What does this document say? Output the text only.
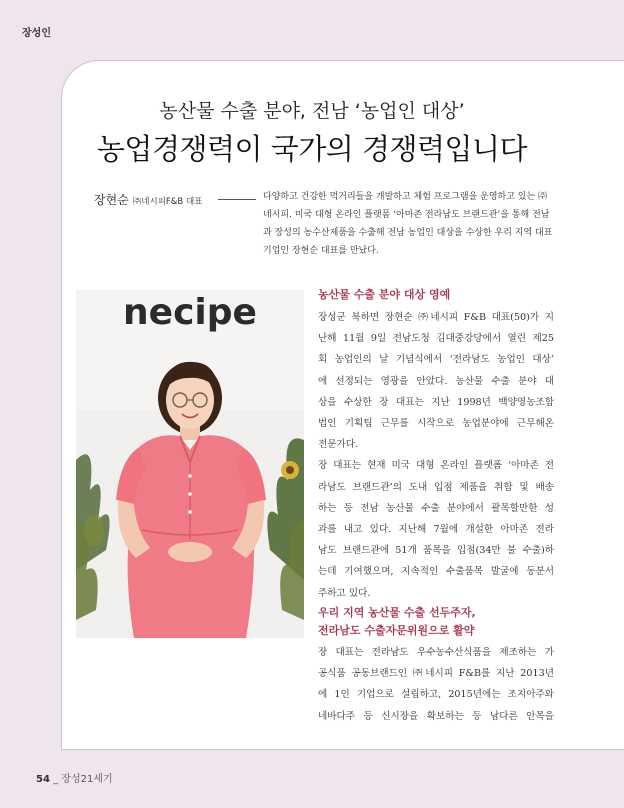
장성인
농산물 수출 분야, 전남 ‘농업인 대상’
농업경쟁력이 국가의 경쟁력입니다
장현순 ㈜네시피F&B 대표	다양하고 건강한 먹거리들을 개발하고 체험 프로그램을 운영하고 있는 ㈜네시피. 미국 대형 온라인 플랫폼 ‘아마존 전라남도 브랜드관’을 통해 전남과 장성의 농수산제품을 수출해 전남 농업인 대상을 수상한 우리 지역 대표 기업인 장현순 대표를 만났다.
necipe	농산물 수출 분야 대상 영예
장성군 북하면 장현순 ㈜네시피 F&B 대표(50)가 지
난해 11월 9일 전남도청 김대중강당에서 열린 제25
회 농업인의 날 기념식에서 ‘전라남도 농업인 대상’
에 선정되는 영광을 안았다. 농산물 수출 분야 대
상을 수상한 장 대표는 지난 1998년 백양영농조합
법인 기획팀 근무를 시작으로 농업분야에 근무해온
전문가다.
장 대표는 현재 미국 대형 온라인 플랫폼 ‘아마존 전
라남도 브랜드관’의 도내 입점 제품을 취합 및 배송
하는 등 전남 농산물 수출 분야에서 괄목할만한 성
과를 내고 있다. 지난해 7월에 개설한 아마존 전라
남도 브랜드관에 51개 품목을 입점(34만 불 수출)하
는데 기여했으며, 지속적인 수출품목 발굴에 동분서
주하고 있다.
우리 지역 농산물 수출 선두주자,
전라남도 수출자문위원으로 활약
장 대표는 전라남도 우수농수산식품을 제조하는 가
공식품 공동브랜드인 ㈜네시피 F&B를 지난 2013년
에 1인 기업으로 설립하고, 2015년에는 조지아주와
네바다주 등 신시장을 확보하는 등 남다른 안목을
54 _ 장성21세기
